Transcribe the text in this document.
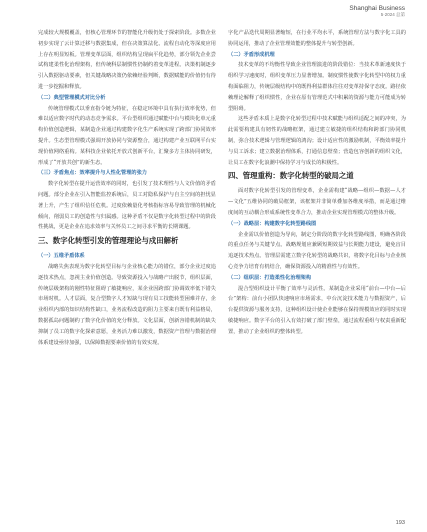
Shanghai Business
5·2024 总第

完成较大规模覆盖，但核心管理环节的智能化升级仍处于探索阶段。多数企业初步实现了云计算迁移与数据集成，但在决策算法化、流程自动化等深度应用上存在明显短板。管理变革层面，组织结构呈现扁平化趋势，部分领先企业尝试构建柔性化治理架构，但传统科层制惯性仍制约着变革进程。决策机制逐步引入数据驱动要素，但关键战略决策仍依赖经验判断，数据赋能的价值仍有待进一步挖掘和释放。

（二）典型管理模式对比分析

传统管理模式以垂直指令链为特征，在稳定环境中具有执行效率优势，但难以适应数字时代的动态竞争需求。平台型组织通过赋能中台与模块化单元重构价值创造逻辑，某制造企业通过构建数字化生产系统实现了跨部门协同效率提升。生态型管理模式强调开放协同与资源整合，通过构建产业互联网平台实现价值网络重构。某科技企业依托开放式创新平台，汇聚多方主体协同研发，形成了“开放共创”的新生态。

（三）矛盾焦点：效率提升与人性化管理的张力

数字化转型在提升运营效率的同时，也引发了技术理性与人文价值的矛盾问题。部分企业在引入智能监控系统后，员工对隐私保护与自主空间的担忧显著上升，产生了组织信任危机。过度依赖量化考核指标容易导致管理的机械化倾向，削弱员工的创造性与归属感。这种矛盾不仅是数字化转型过程中的阶段性挑战，更是企业在追求效率与关怀员工之间寻求平衡的长期课题。

三、数字化转型引发的管理理论与戍田解析

（一）五维矛盾体系

战略失焦表现为数字化转型目标与企业核心能力的错位，部分企业过度追逐技术热点，忽视主业价值创造。导致资源投入与战略产出脱节，组织层面，传统层级架构的刚性特征阻碍了敏捷响应，某企业因跨部门协调效率低下错失市场时机。人才层面，复合型数字人才短缺与现有员工技能转型困难并存，企业组织内部的知识结构性缺口，业务流程改造的阻力主要来自既有利益格局，数据孤岛问题制约了数字化价值的充分释放。文化层面，创新容错机制的缺失抑制了员工的数字化探索意愿，业务活力难以激发，数据资产管理与数据治理体系建设亟待加强，以保障数据要素价值的有效实现。

字化产品迭代周期显著缩短，在行业平均水平，系统管理方法与数字化工具的协同运用，推动了企业管理效能的整体提升与转型创新。

（二）矛盾形成机理

技术变革的不均衡性导致企业管理演进的阶段错位：当技术革新速度快于组织学习速度时，组织变革压力显著增加。制度惯性使数字化转型中的权力重构面临阻力，传统层级结构中的既得利益群体往往对变革持保守态度。路径依赖理论解释了组织惯性，企业在原有管理范式中积累的资源与能力可能成为转型阻碍。

这些矛盾本质上是数字化转型过程中技术赋能与组织适配之间的冲突，为此需要构建具有韧性的战略框架，通过建立敏捷的组织结构和跨部门协同机制，弥合技术逻辑与管理逻辑的鸿沟；设计适应性的激励机制，平衡效率提升与员工诉求；建立数据治理体系，打通信息壁垒；营造包容创新的组织文化，让员工在数字化浪潮中保持学习与成长的积极性。

四、管理重构：数字化转型的破局之道

面对数字化转型引发的管理变革，企业需构建“战略—组织—数据—人才—文化”五维协同的破局框架，该框架并非简单叠加各维度举措，而是通过维度间的互动耦合形成系统性变革合力，推动企业实现管理模式的整体升级。

（一）战略层：构建数字化转型路线图

企业需以价值创造为导向，制定分阶段的数字化转型路线图，明确各阶段的重点任务与关键节点。战略规划应兼顾短期效益与长期能力建设，避免盲目追逐技术热点。管理层需建立数字化转型的战略共识，将数字化目标与企业核心竞争力培育有机结合，确保资源投入的精准性与有效性。

（二）组织层：打造柔性化治理架构

混合型组织设计平衡了效率与灵活性。某制造企业采用“前台—中台—后台”架构：前台小团队快速响应市场需求，中台沉淀技术能力与数据资产，后台提供资源与服务支持，这种组织设计使企业能够在保持规模效应的同时实现敏捷响应。数字平台的引入有效打破了部门壁垒，通过流程重组与权责重新配置，推动了企业组织的整体转型。

193
